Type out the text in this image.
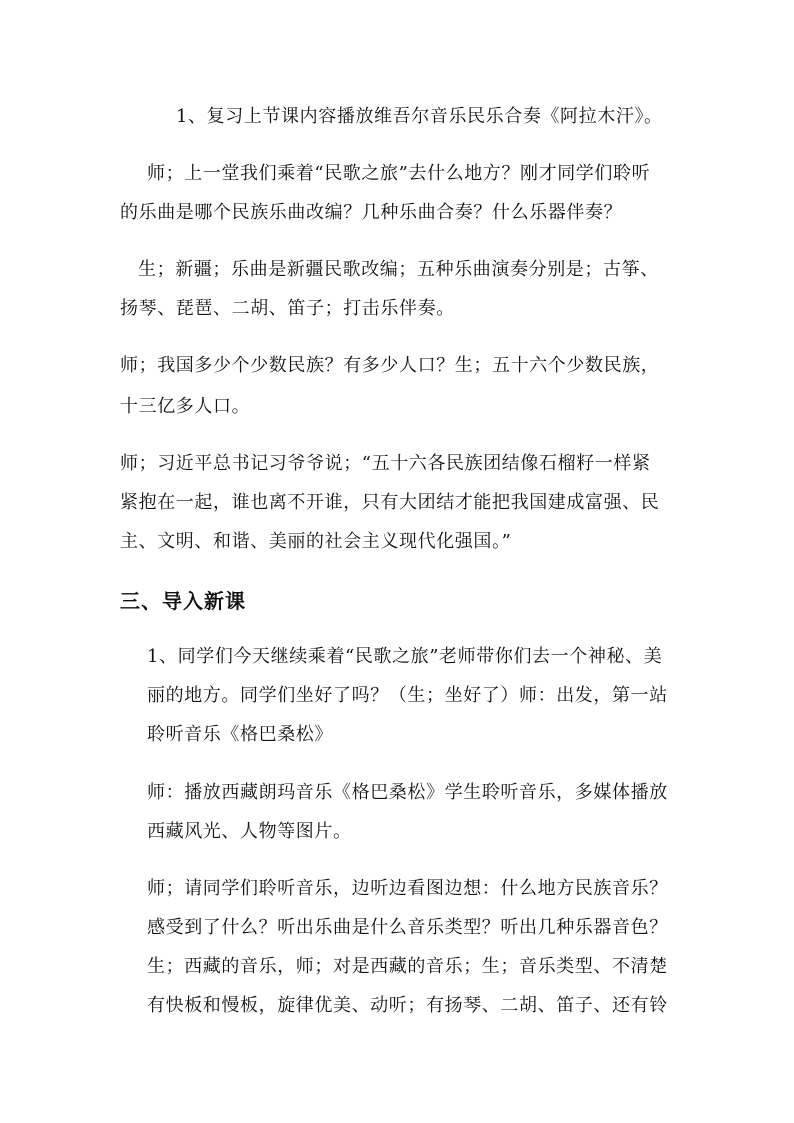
1、复习上节课内容播放维吾尔音乐民乐合奏《阿拉木汗》。
师；上一堂我们乘着“民歌之旅”去什么地方？刚才同学们聆听
的乐曲是哪个民族乐曲改编？几种乐曲合奏？什么乐器伴奏？
生；新疆；乐曲是新疆民歌改编；五种乐曲演奏分别是；古筝、
扬琴、琵琶、二胡、笛子；打击乐伴奏。
师；我国多少个少数民族？有多少人口？生；五十六个少数民族，
十三亿多人口。
师；习近平总书记习爷爷说；“五十六各民族团结像石榴籽一样紧
紧抱在一起，谁也离不开谁，只有大团结才能把我国建成富强、民
主、文明、和谐、美丽的社会主义现代化强国。”
三、导入新课
1、同学们今天继续乘着“民歌之旅”老师带你们去一个神秘、美
丽的地方。同学们坐好了吗？（生；坐好了）师：出发，第一站
聆听音乐《格巴桑松》
师：播放西藏朗玛音乐《格巴桑松》学生聆听音乐，多媒体播放
西藏风光、人物等图片。
师；请同学们聆听音乐，边听边看图边想：什么地方民族音乐？
感受到了什么？听出乐曲是什么音乐类型？听出几种乐器音色？
生；西藏的音乐，师；对是西藏的音乐；生；音乐类型、不清楚
有快板和慢板，旋律优美、动听；有扬琴、二胡、笛子、还有铃
